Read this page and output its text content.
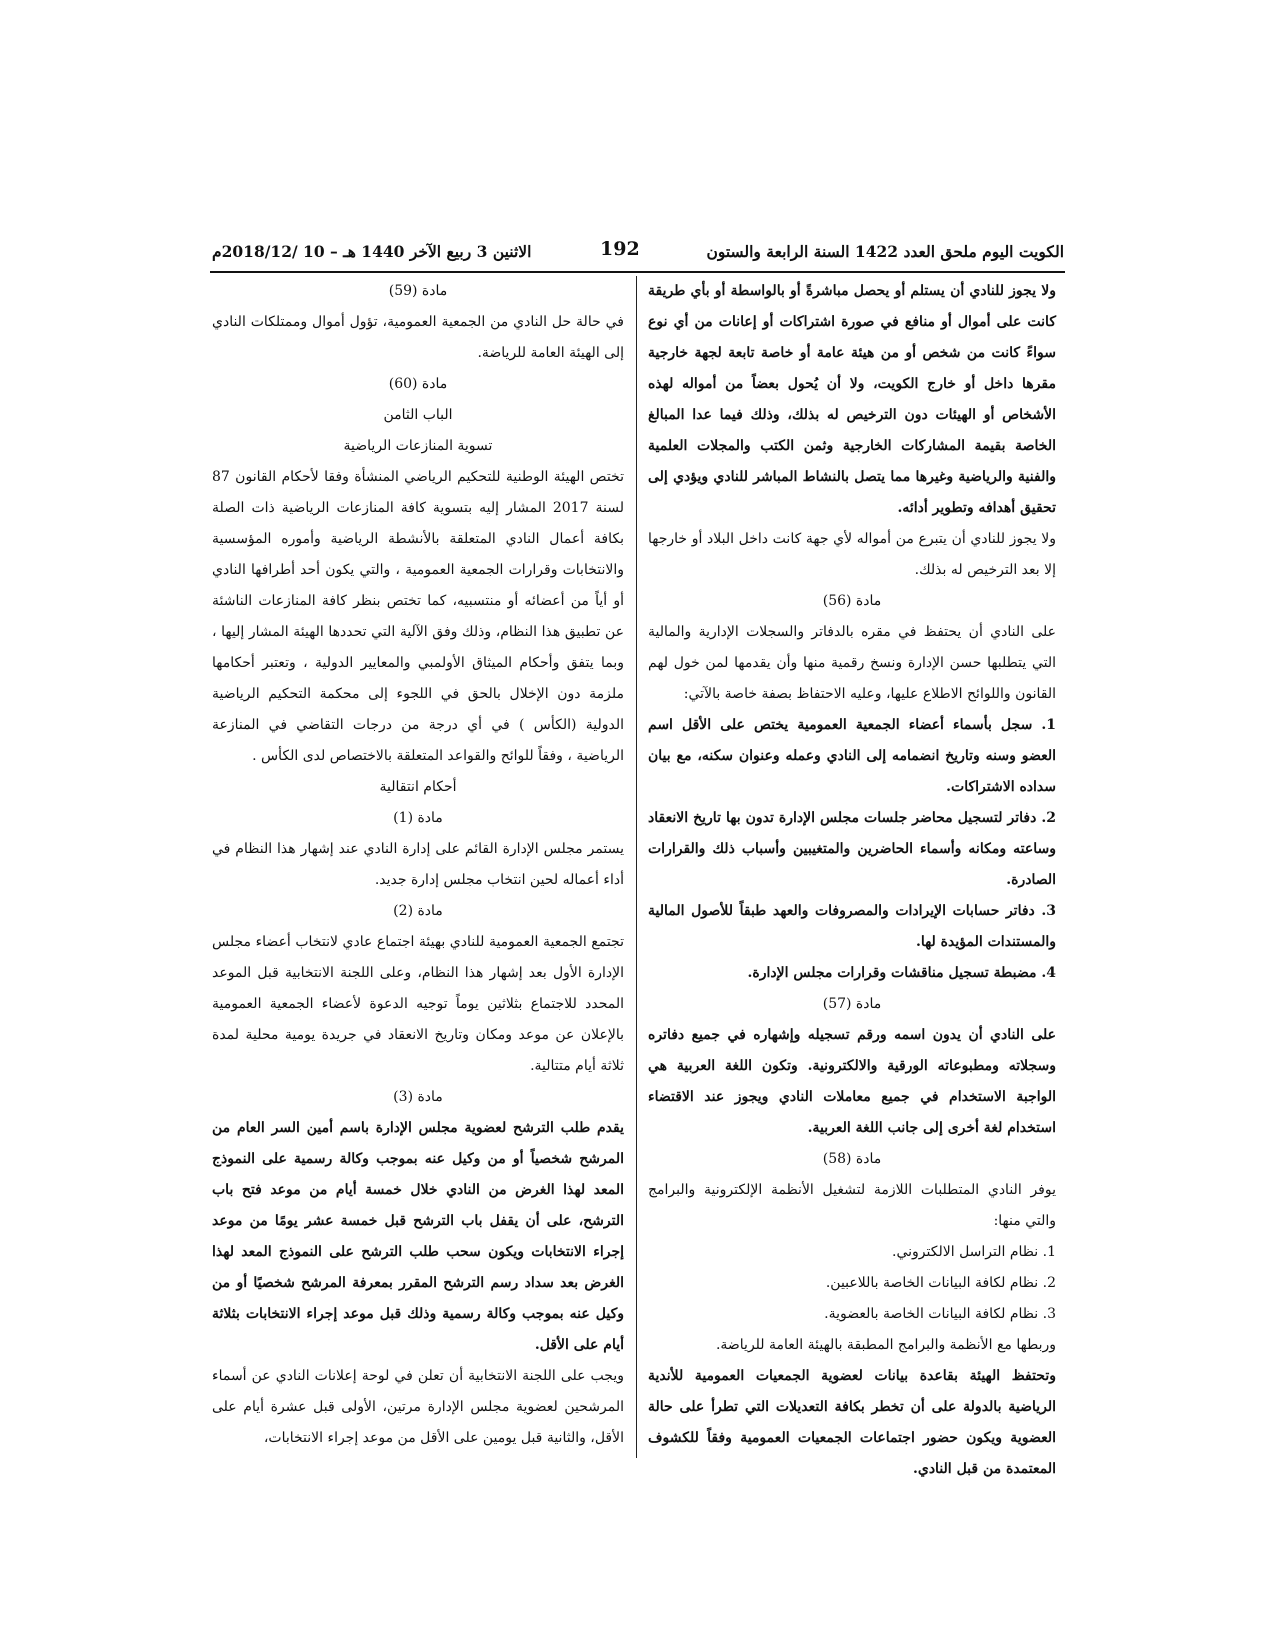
الكويت اليوم ملحق العدد 1422 السنة الرابعة والستون
192
الاثنين 3 ربيع الآخر 1440 هـ – 10 /2018/12م

ولا يجوز للنادي أن يستلم أو يحصل مباشرةً أو بالواسطة أو بأي طريقة كانت على أموال أو منافع في صورة اشتراكات أو إعانات من أي نوع سواءً كانت من شخص أو من هيئة عامة أو خاصة تابعة لجهة خارجية مقرها داخل أو خارج الكويت، ولا أن يُحول بعضاً من أمواله لهذه الأشخاص أو الهيئات دون الترخيص له بذلك، وذلك فيما عدا المبالغ الخاصة بقيمة المشاركات الخارجية وثمن الكتب والمجلات العلمية والفنية والرياضية وغيرها مما يتصل بالنشاط المباشر للنادي ويؤدي إلى تحقيق أهدافه وتطوير أدائه.

ولا يجوز للنادي أن يتبرع من أمواله لأي جهة كانت داخل البلاد أو خارجها إلا بعد الترخيص له بذلك.

مادة (56)

على النادي أن يحتفظ في مقره بالدفاتر والسجلات الإدارية والمالية التي يتطلبها حسن الإدارة ونسخ رقمية منها وأن يقدمها لمن خول لهم القانون واللوائح الاطلاع عليها، وعليه الاحتفاظ بصفة خاصة بالآتي:

1. سجل بأسماء أعضاء الجمعية العمومية يختص على الأقل اسم العضو وسنه وتاريخ انضمامه إلى النادي وعمله وعنوان سكنه، مع بيان سداده الاشتراكات.

2. دفاتر لتسجيل محاضر جلسات مجلس الإدارة تدون بها تاريخ الانعقاد وساعته ومكانه وأسماء الحاضرين والمتغيبين وأسباب ذلك والقرارات الصادرة.

3. دفاتر حسابات الإيرادات والمصروفات والعهد طبقاً للأصول المالية والمستندات المؤيدة لها.

4. مضبطة تسجيل مناقشات وقرارات مجلس الإدارة.

مادة (57)

على النادي أن يدون اسمه ورقم تسجيله وإشهاره في جميع دفاتره وسجلاته ومطبوعاته الورقية والالكترونية. وتكون اللغة العربية هي الواجبة الاستخدام في جميع معاملات النادي ويجوز عند الاقتضاء استخدام لغة أخرى إلى جانب اللغة العربية.

مادة (58)

يوفر النادي المتطلبات اللازمة لتشغيل الأنظمة الإلكترونية والبرامج والتي منها:

1. نظام التراسل الالكتروني.

2. نظام لكافة البيانات الخاصة باللاعبين.

3. نظام لكافة البيانات الخاصة بالعضوية.

وربطها مع الأنظمة والبرامج المطبقة بالهيئة العامة للرياضة.

وتحتفظ الهيئة بقاعدة بيانات لعضوية الجمعيات العمومية للأندية الرياضية بالدولة على أن تخطر بكافة التعديلات التي تطرأ على حالة العضوية ويكون حضور اجتماعات الجمعيات العمومية وفقاً للكشوف المعتمدة من قبل النادي.

مادة (59)

في حالة حل النادي من الجمعية العمومية، تؤول أموال وممتلكات النادي إلى الهيئة العامة للرياضة.

مادة (60)

الباب الثامن

تسوية المنازعات الرياضية

تختص الهيئة الوطنية للتحكيم الرياضي المنشأة وفقا لأحكام القانون 87 لسنة 2017 المشار إليه بتسوية كافة المنازعات الرياضية ذات الصلة بكافة أعمال النادي المتعلقة بالأنشطة الرياضية وأموره المؤسسية والانتخابات وقرارات الجمعية العمومية ، والتي يكون أحد أطرافها النادي أو أياً من أعضائه أو منتسبيه، كما تختص بنظر كافة المنازعات الناشئة عن تطبيق هذا النظام، وذلك وفق الآلية التي تحددها الهيئة المشار إليها ، وبما يتفق وأحكام الميثاق الأولمبي والمعايير الدولية ، وتعتبر أحكامها ملزمة دون الإخلال بالحق في اللجوء إلى محكمة التحكيم الرياضية الدولية (الكأس ) في أي درجة من درجات التقاضي في المنازعة الرياضية ، وفقاً للوائح والقواعد المتعلقة بالاختصاص لدى الكأس .

أحكام انتقالية

مادة (1)

يستمر مجلس الإدارة القائم على إدارة النادي عند إشهار هذا النظام في أداء أعماله لحين انتخاب مجلس إدارة جديد.

مادة (2)

تجتمع الجمعية العمومية للنادي بهيئة اجتماع عادي لانتخاب أعضاء مجلس الإدارة الأول بعد إشهار هذا النظام، وعلى اللجنة الانتخابية قبل الموعد المحدد للاجتماع بثلاثين يوماً توجيه الدعوة لأعضاء الجمعية العمومية بالإعلان عن موعد ومكان وتاريخ الانعقاد في جريدة يومية محلية لمدة ثلاثة أيام متتالية.

مادة (3)

يقدم طلب الترشح لعضوية مجلس الإدارة باسم أمين السر العام من المرشح شخصياً أو من وكيل عنه بموجب وكالة رسمية على النموذج المعد لهذا الغرض من النادي خلال خمسة أيام من موعد فتح باب الترشح، على أن يقفل باب الترشح قبل خمسة عشر يومًا من موعد إجراء الانتخابات ويكون سحب طلب الترشح على النموذج المعد لهذا الغرض بعد سداد رسم الترشح المقرر بمعرفة المرشح شخصيًا أو من وكيل عنه بموجب وكالة رسمية وذلك قبل موعد إجراء الانتخابات بثلاثة أيام على الأقل.

ويجب على اللجنة الانتخابية أن تعلن في لوحة إعلانات النادي عن أسماء المرشحين لعضوية مجلس الإدارة مرتين، الأولى قبل عشرة أيام على الأقل، والثانية قبل يومين على الأقل من موعد إجراء الانتخابات،
